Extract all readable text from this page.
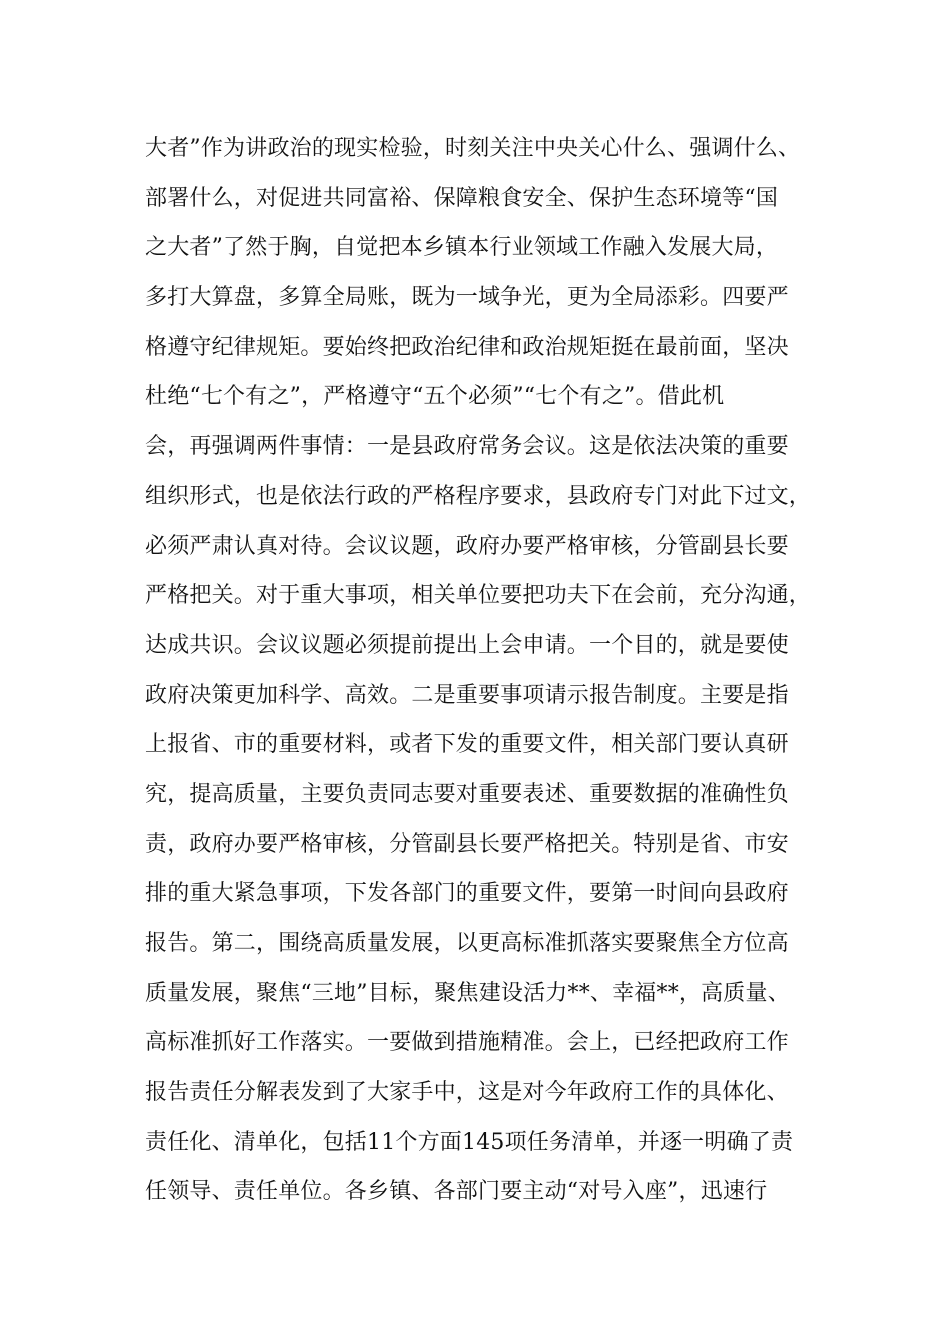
大者”作为讲政治的现实检验，时刻关注中央关心什么、强调什么、
部署什么，对促进共同富裕、保障粮食安全、保护生态环境等“国
之大者”了然于胸，自觉把本乡镇本行业领域工作融入发展大局，
多打大算盘，多算全局账，既为一域争光，更为全局添彩。四要严
格遵守纪律规矩。要始终把政治纪律和政治规矩挺在最前面，坚决
杜绝“七个有之”，严格遵守“五个必须”“七个有之”。借此机
会，再强调两件事情：一是县政府常务会议。这是依法决策的重要
组织形式，也是依法行政的严格程序要求，县政府专门对此下过文，
必须严肃认真对待。会议议题，政府办要严格审核，分管副县长要
严格把关。对于重大事项，相关单位要把功夫下在会前，充分沟通，
达成共识。会议议题必须提前提出上会申请。一个目的，就是要使
政府决策更加科学、高效。二是重要事项请示报告制度。主要是指
上报省、市的重要材料，或者下发的重要文件，相关部门要认真研
究，提高质量，主要负责同志要对重要表述、重要数据的准确性负
责，政府办要严格审核，分管副县长要严格把关。特别是省、市安
排的重大紧急事项，下发各部门的重要文件，要第一时间向县政府
报告。第二，围绕高质量发展，以更高标准抓落实要聚焦全方位高
质量发展，聚焦“三地”目标，聚焦建设活力**、幸福**，高质量、
高标准抓好工作落实。一要做到措施精准。会上，已经把政府工作
报告责任分解表发到了大家手中，这是对今年政府工作的具体化、
责任化、清单化，包括11个方面145项任务清单，并逐一明确了责
任领导、责任单位。各乡镇、各部门要主动“对号入座”，迅速行
